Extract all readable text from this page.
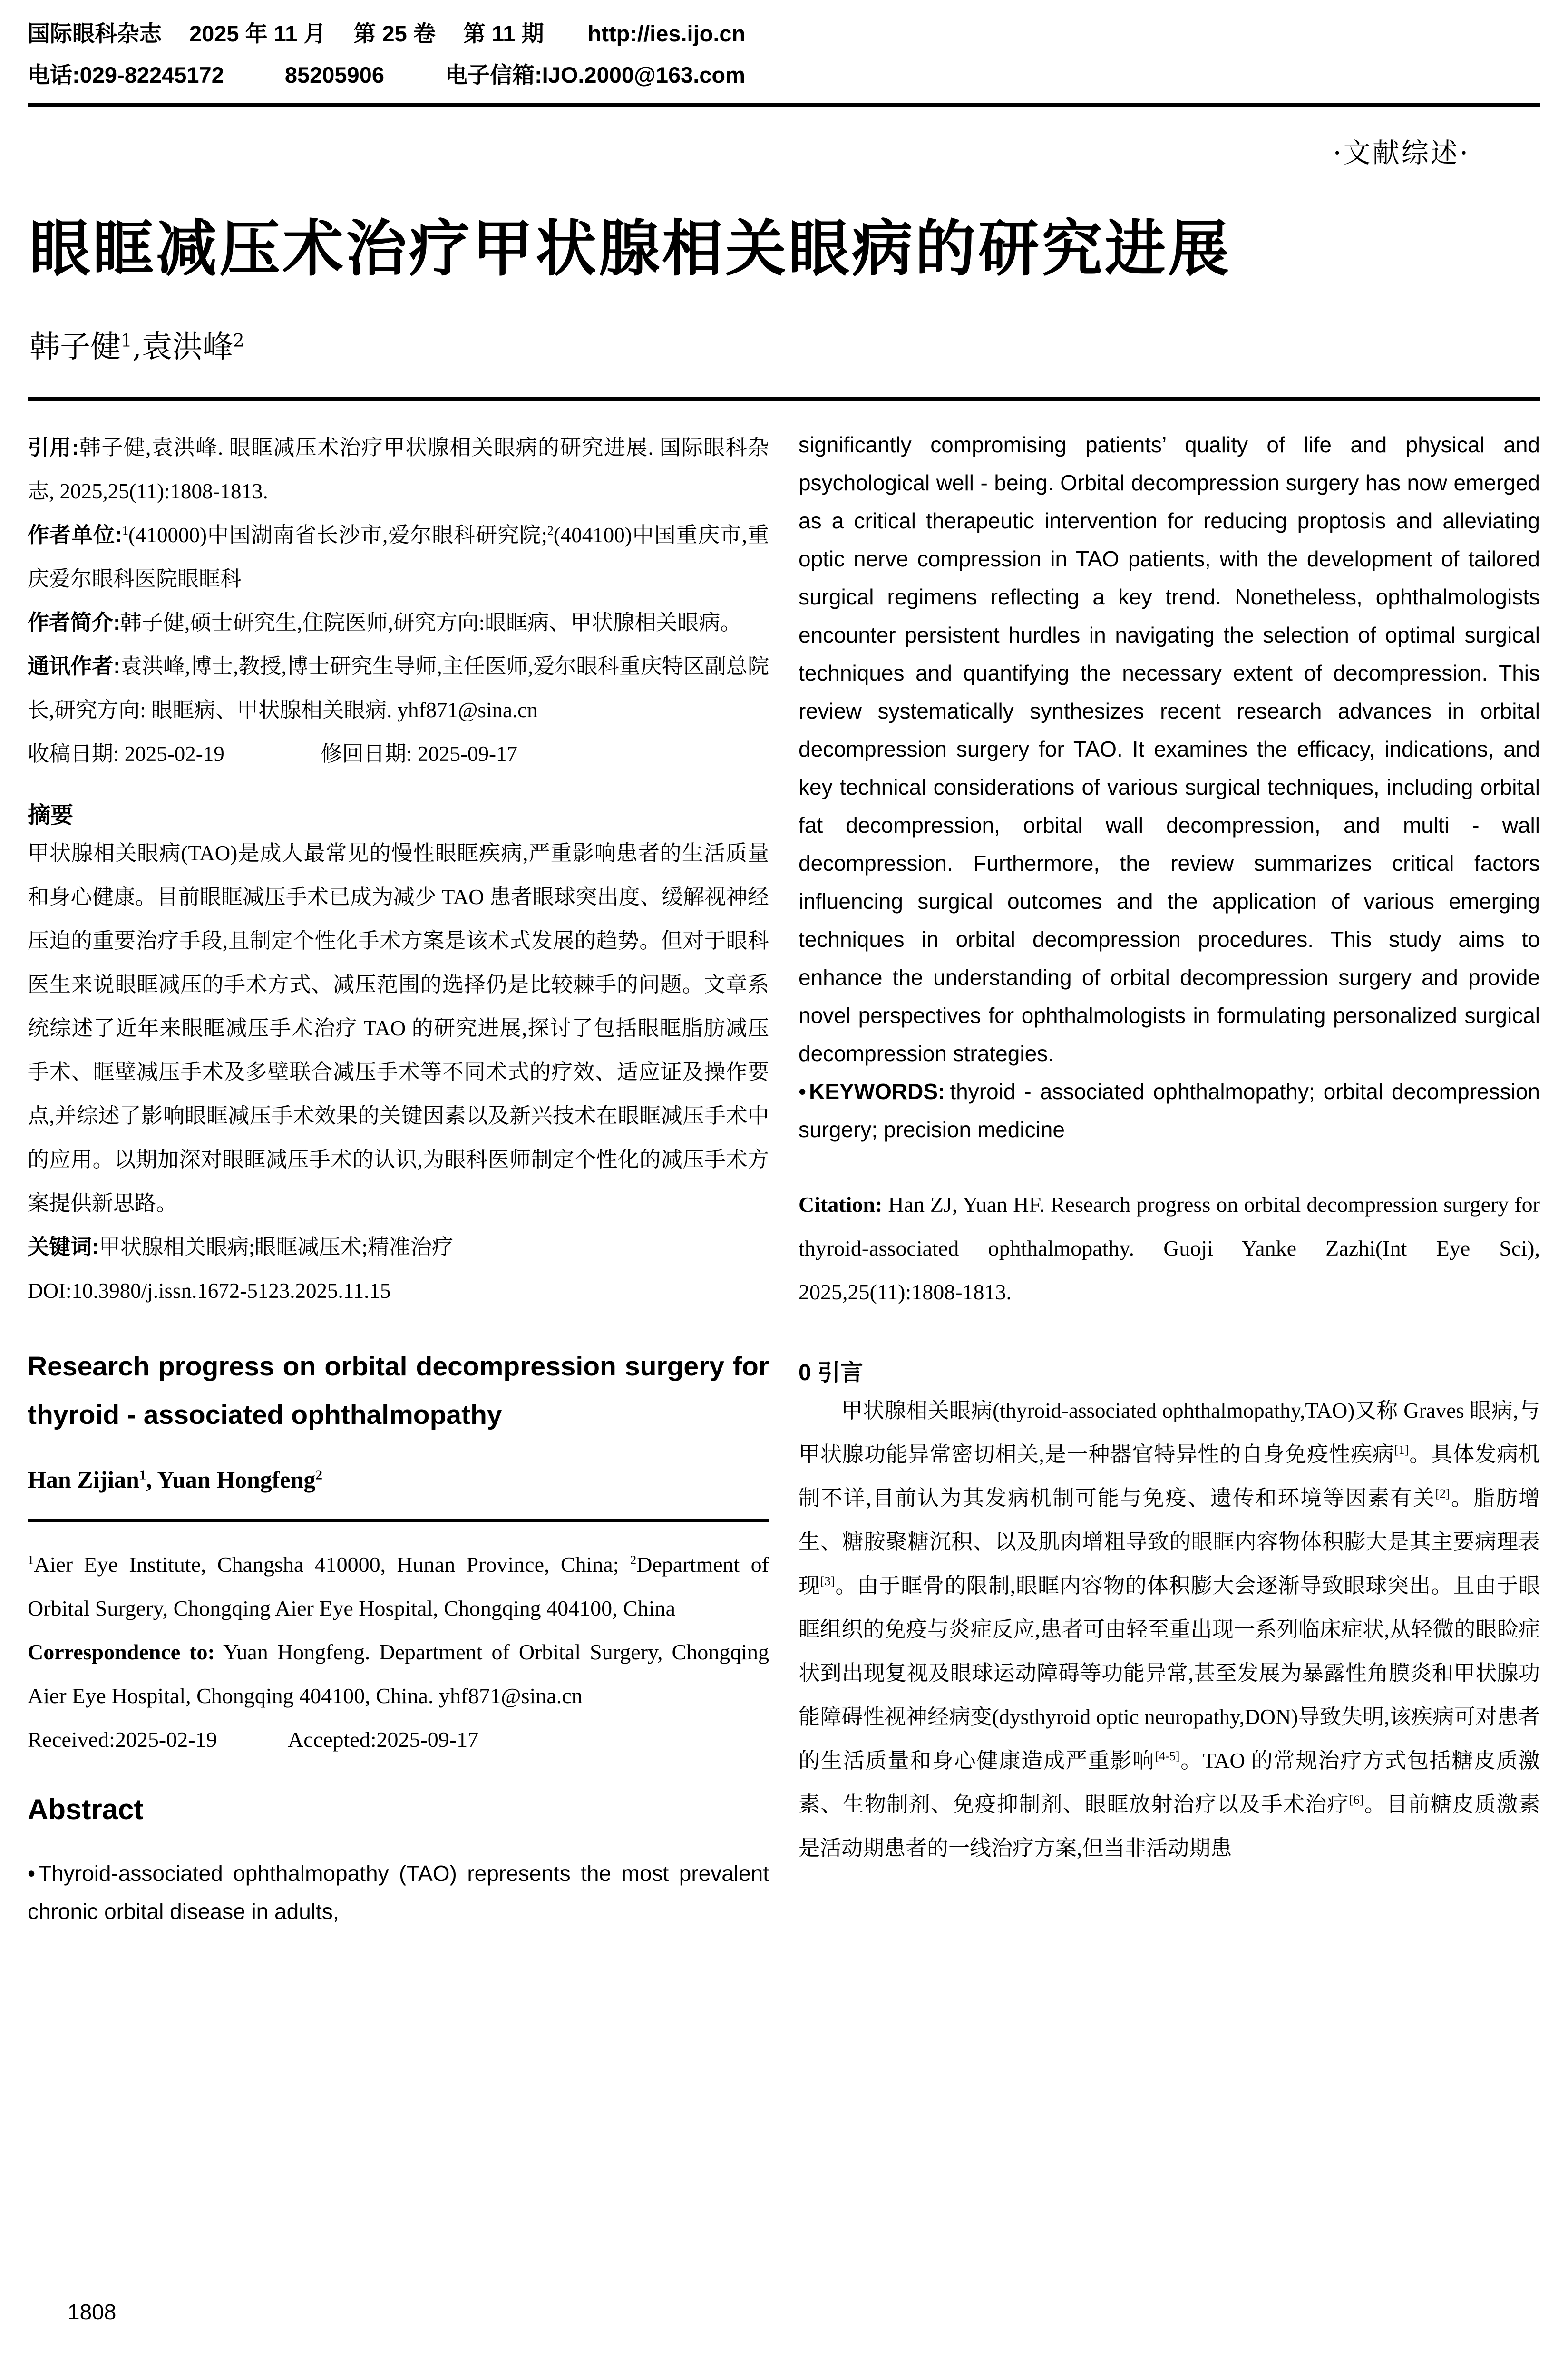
国际眼科杂志 2025 年 11 月 第 25 卷 第 11 期 http://ies.ijo.cn
电话:029-82245172	85205906	电子信箱:IJO.2000@163.com
·文献综述·
眼眶减压术治疗甲状腺相关眼病的研究进展
韩子健$^1$,袁洪峰$^2$

引用:韩子健,袁洪峰. 眼眶减压术治疗甲状腺相关眼病的研究进展. 国际眼科杂志, 2025,25(11):1808-1813.

作者单位:$^1$(410000)中国湖南省长沙市,爱尔眼科研究院;$^2$(404100)中国重庆市,重庆爱尔眼科医院眼眶科

作者简介:韩子健,硕士研究生,住院医师,研究方向:眼眶病、甲状腺相关眼病。

通讯作者:袁洪峰,博士,教授,博士研究生导师,主任医师,爱尔眼科重庆特区副总院长,研究方向: 眼眶病、甲状腺相关眼病. yhf871@sina.cn

收稿日期: 2025-02-19	修回日期: 2025-09-17

摘要

甲状腺相关眼病(TAO)是成人最常见的慢性眼眶疾病,严重影响患者的生活质量和身心健康。目前眼眶减压手术已成为减少 TAO 患者眼球突出度、缓解视神经压迫的重要治疗手段,且制定个性化手术方案是该术式发展的趋势。但对于眼科医生来说眼眶减压的手术方式、减压范围的选择仍是比较棘手的问题。文章系统综述了近年来眼眶减压手术治疗 TAO 的研究进展,探讨了包括眼眶脂肪减压手术、眶壁减压手术及多壁联合减压手术等不同术式的疗效、适应证及操作要点,并综述了影响眼眶减压手术效果的关键因素以及新兴技术在眼眶减压手术中的应用。以期加深对眼眶减压手术的认识,为眼科医师制定个性化的减压手术方案提供新思路。

关键词:甲状腺相关眼病;眼眶减压术;精准治疗

DOI:10.3980/j.issn.1672-5123.2025.11.15

Research progress on orbital decompression surgery for thyroid - associated ophthalmopathy
Han Zijian$^1$, Yuan Hongfeng$^2$

$^1$Aier Eye Institute, Changsha 410000, Hunan Province, China; $^2$Department of Orbital Surgery, Chongqing Aier Eye Hospital, Chongqing 404100, China

Correspondence to: Yuan Hongfeng. Department of Orbital Surgery, Chongqing Aier Eye Hospital, Chongqing 404100, China. yhf871@sina.cn

Received:2025-02-19	Accepted:2025-09-17

Abstract

• Thyroid-associated ophthalmopathy (TAO) represents the most prevalent chronic orbital disease in adults,

significantly compromising patients’ quality of life and physical and psychological well - being. Orbital decompression surgery has now emerged as a critical therapeutic intervention for reducing proptosis and alleviating optic nerve compression in TAO patients, with the development of tailored surgical regimens reflecting a key trend. Nonetheless, ophthalmologists encounter persistent hurdles in navigating the selection of optimal surgical techniques and quantifying the necessary extent of decompression. This review systematically synthesizes recent research advances in orbital decompression surgery for TAO. It examines the efficacy, indications, and key technical considerations of various surgical techniques, including orbital fat decompression, orbital wall decompression, and multi - wall decompression. Furthermore, the review summarizes critical factors influencing surgical outcomes and the application of various emerging techniques in orbital decompression procedures. This study aims to enhance the understanding of orbital decompression surgery and provide novel perspectives for ophthalmologists in formulating personalized surgical decompression strategies.

• KEYWORDS: thyroid - associated ophthalmopathy; orbital decompression surgery; precision medicine

Citation: Han ZJ, Yuan HF. Research progress on orbital decompression surgery for thyroid-associated ophthalmopathy. Guoji Yanke Zazhi(Int Eye Sci), 2025,25(11):1808-1813.

0 引言

甲状腺相关眼病(thyroid-associated ophthalmopathy,TAO)又称 Graves 眼病,与甲状腺功能异常密切相关,是一种器官特异性的自身免疫性疾病[1]。具体发病机制不详,目前认为其发病机制可能与免疫、遗传和环境等因素有关[2]。脂肪增生、糖胺聚糖沉积、以及肌肉增粗导致的眼眶内容物体积膨大是其主要病理表现[3]。由于眶骨的限制,眼眶内容物的体积膨大会逐渐导致眼球突出。且由于眼眶组织的免疫与炎症反应,患者可由轻至重出现一系列临床症状,从轻微的眼睑症状到出现复视及眼球运动障碍等功能异常,甚至发展为暴露性角膜炎和甲状腺功能障碍性视神经病变(dysthyroid optic neuropathy,DON)导致失明,该疾病可对患者的生活质量和身心健康造成严重影响[4-5]。TAO 的常规治疗方式包括糖皮质激素、生物制剂、免疫抑制剂、眼眶放射治疗以及手术治疗[6]。目前糖皮质激素是活动期患者的一线治疗方案,但当非活动期患

1808
